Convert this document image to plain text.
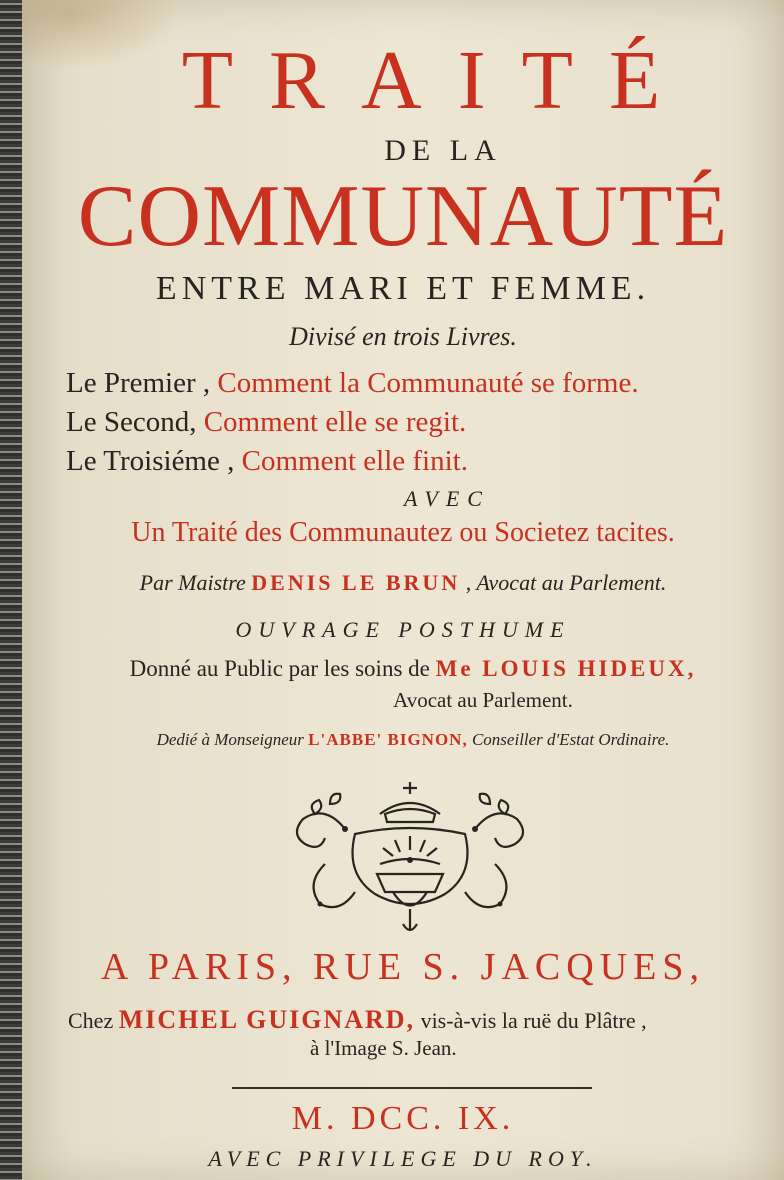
TRAITÉ
DE LA
COMMUNAUTÉ
ENTRE MARI ET FEMME.
Divisé en trois Livres.
Le Premier , Comment la Communauté se forme.
Le Second, Comment elle se regit.
Le Troisiéme , Comment elle finit.
AVEC
Un Traité des Communautez ou Societez tacites.
Par Maistre DENIS LE BRUN , Avocat au Parlement.
OUVRAGE POSTHUME
Donné au Public par les soins de Me LOUIS HIDEUX,
Avocat au Parlement.
Dedié à Monseigneur L'ABBE' BIGNON, Conseiller d'Estat Ordinaire.
A PARIS, RUE S. JACQUES,
Chez MICHEL GUIGNARD, vis-à-vis la ruë du Plâtre ,
à l'Image S. Jean.
M. DCC. IX.
AVEC PRIVILEGE DU ROY.
